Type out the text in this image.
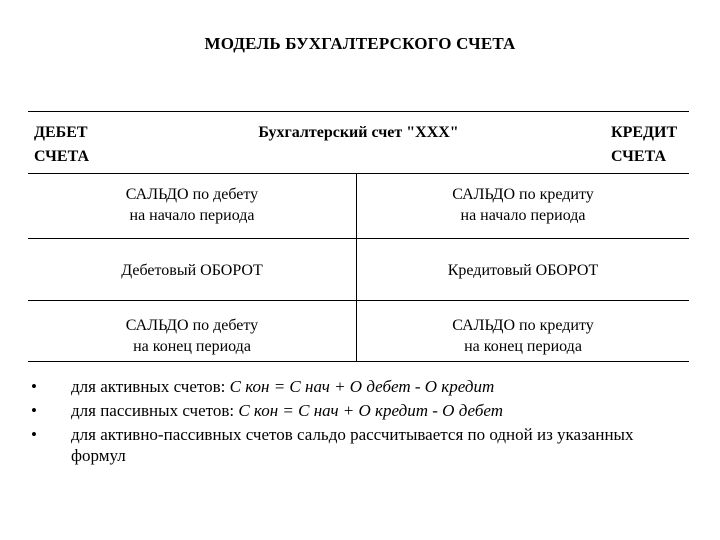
МОДЕЛЬ БУХГАЛТЕРСКОГО СЧЕТА
ДЕБЕТ
СЧЕТА
Бухгалтерский счет "XXX"	КРЕДИТ
СЧЕТА
САЛЬДО по дебету
на начало периода
САЛЬДО по кредиту
на начало периода
Дебетовый ОБОРОТ	Кредитовый ОБОРОТ
САЛЬДО по дебету
на конец периода
САЛЬДО по кредиту
на конец периода
• для активных счетов: С кон = С нач + О дебет - О кредит
• для пассивных счетов: С кон = С нач + О кредит - О дебет
• для активно-пассивных счетов сальдо рассчитывается по одной из указанных формул
